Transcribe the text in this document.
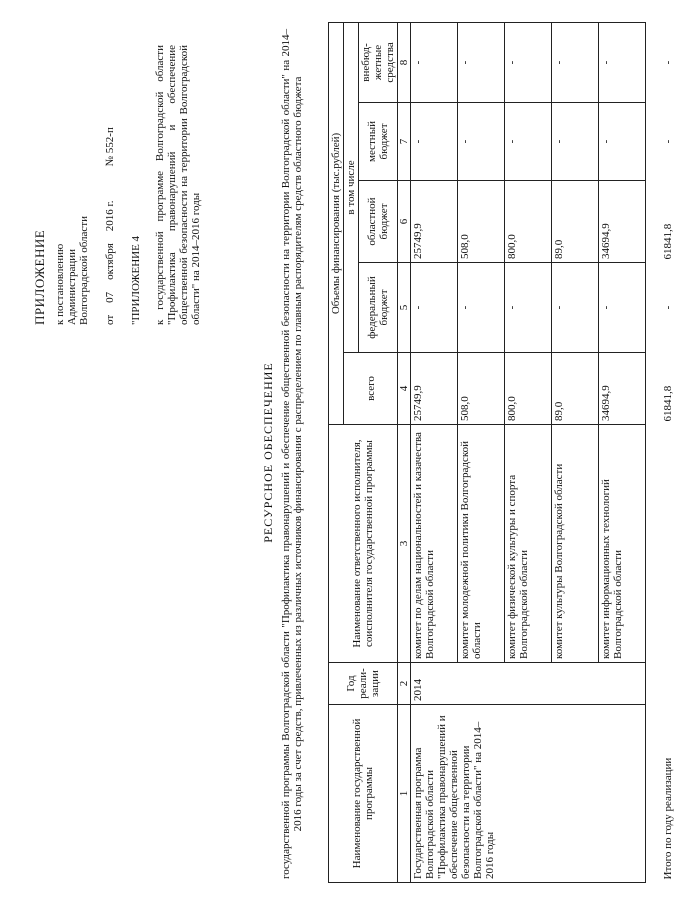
ПРИЛОЖЕНИЕ к постановлению Администрации Волгоградской области от
07
октября
2016 г.
№ 552-п
"ПРИЛОЖЕНИЕ 4 к государственной программе Волгоградской области "Профилактика правонарушений и обеспечение общественной безопасности на территории Волгоградской области" на 2014–2016 годы
РЕСУРСНОЕ ОБЕСПЕЧЕНИЕ государственной программы Волгоградской области "Профилактика правонарушений и обеспечение общественной безопасности на территории Волгоградской области" на 2014–2016 годы за счет средств, привлеченных из различных источников финансирования с распределением по главным распорядителям средств областного бюджета	Наименование государственной программы	Год реали-зации	Наименование ответственного исполнителя, соисполнителя государственной программы	Объемы финансирования (тыс.рублей)				
			всего	в том числе			
				федеральный бюджет	областной бюджет	местный бюджет	внебюд-жетные средства
1	2	3	4	5	6	7	8
Государственная программа Волгоградской области "Профилактика правонарушений и обеспечение общественной безопасности на территории Волгоградской области" на 2014–2016 годы	2014	комитет по делам национальностей и казачества Волгоградской области	25749,9	-	25749,9	-	-
		комитет молодежной политики Волгоградской области	508,0	-	508,0	-	-
		комитет физической культуры и спорта Волгоградской области	800,0	-	800,0	-	-
		комитет культуры Волгоградской области	89,0	-	89,0	-	-
		комитет информационных технологий Волгоградской области	34694,9	-	34694,9	-	-
Итого по году реализации			61841,8	-	61841,8	-	-
